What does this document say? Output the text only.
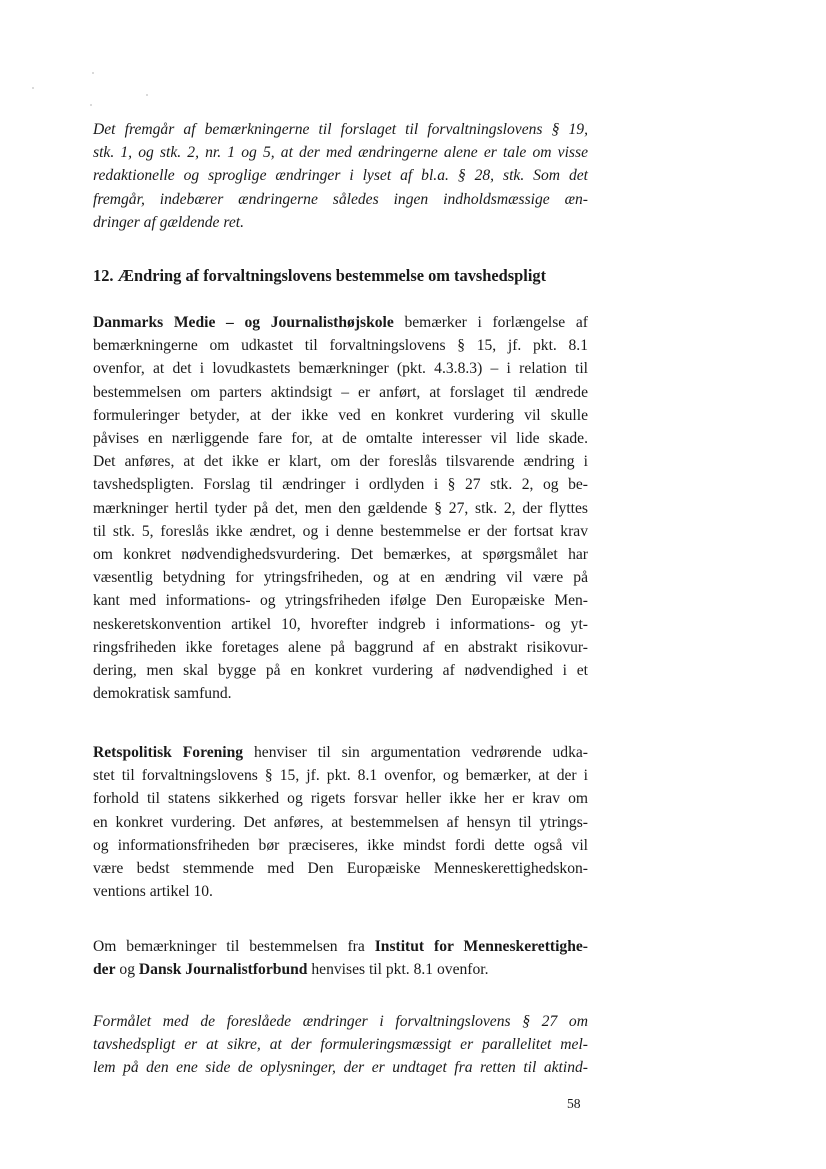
Det fremgår af bemærkningerne til forslaget til forvaltningslovens § 19,
stk. 1, og stk. 2, nr. 1 og 5, at der med ændringerne alene er tale om visse
redaktionelle og sproglige ændringer i lyset af bl.a. § 28, stk. Som det
fremgår, indebærer ændringerne således ingen indholdsmæssige æn-
dringer af gældende ret.

12. Ændring af forvaltningslovens bestemmelse om tavshedspligt

Danmarks Medie – og Journalisthøjskole bemærker i forlængelse af
bemærkningerne om udkastet til forvaltningslovens § 15, jf. pkt. 8.1
ovenfor, at det i lovudkastets bemærkninger (pkt. 4.3.8.3) – i relation til
bestemmelsen om parters aktindsigt – er anført, at forslaget til ændrede
formuleringer betyder, at der ikke ved en konkret vurdering vil skulle
påvises en nærliggende fare for, at de omtalte interesser vil lide skade.
Det anføres, at det ikke er klart, om der foreslås tilsvarende ændring i
tavshedspligten. Forslag til ændringer i ordlyden i § 27 stk. 2, og be-
mærkninger hertil tyder på det, men den gældende § 27, stk. 2, der flyttes
til stk. 5, foreslås ikke ændret, og i denne bestemmelse er der fortsat krav
om konkret nødvendighedsvurdering. Det bemærkes, at spørgsmålet har
væsentlig betydning for ytringsfriheden, og at en ændring vil være på
kant med informations- og ytringsfriheden ifølge Den Europæiske Men-
neskeretskonvention artikel 10, hvorefter indgreb i informations- og yt-
ringsfriheden ikke foretages alene på baggrund af en abstrakt risikovur-
dering, men skal bygge på en konkret vurdering af nødvendighed i et
demokratisk samfund.

Retspolitisk Forening henviser til sin argumentation vedrørende udka-
stet til forvaltningslovens § 15, jf. pkt. 8.1 ovenfor, og bemærker, at der i
forhold til statens sikkerhed og rigets forsvar heller ikke her er krav om
en konkret vurdering. Det anføres, at bestemmelsen af hensyn til ytrings-
og informationsfriheden bør præciseres, ikke mindst fordi dette også vil
være bedst stemmende med Den Europæiske Menneskerettighedskon-
ventions artikel 10.

Om bemærkninger til bestemmelsen fra Institut for Menneskerettighe-
der og Dansk Journalistforbund henvises til pkt. 8.1 ovenfor.

Formålet med de foreslåede ændringer i forvaltningslovens § 27 om
tavshedspligt er at sikre, at der formuleringsmæssigt er parallelitet mel-
lem på den ene side de oplysninger, der er undtaget fra retten til aktind-

58
